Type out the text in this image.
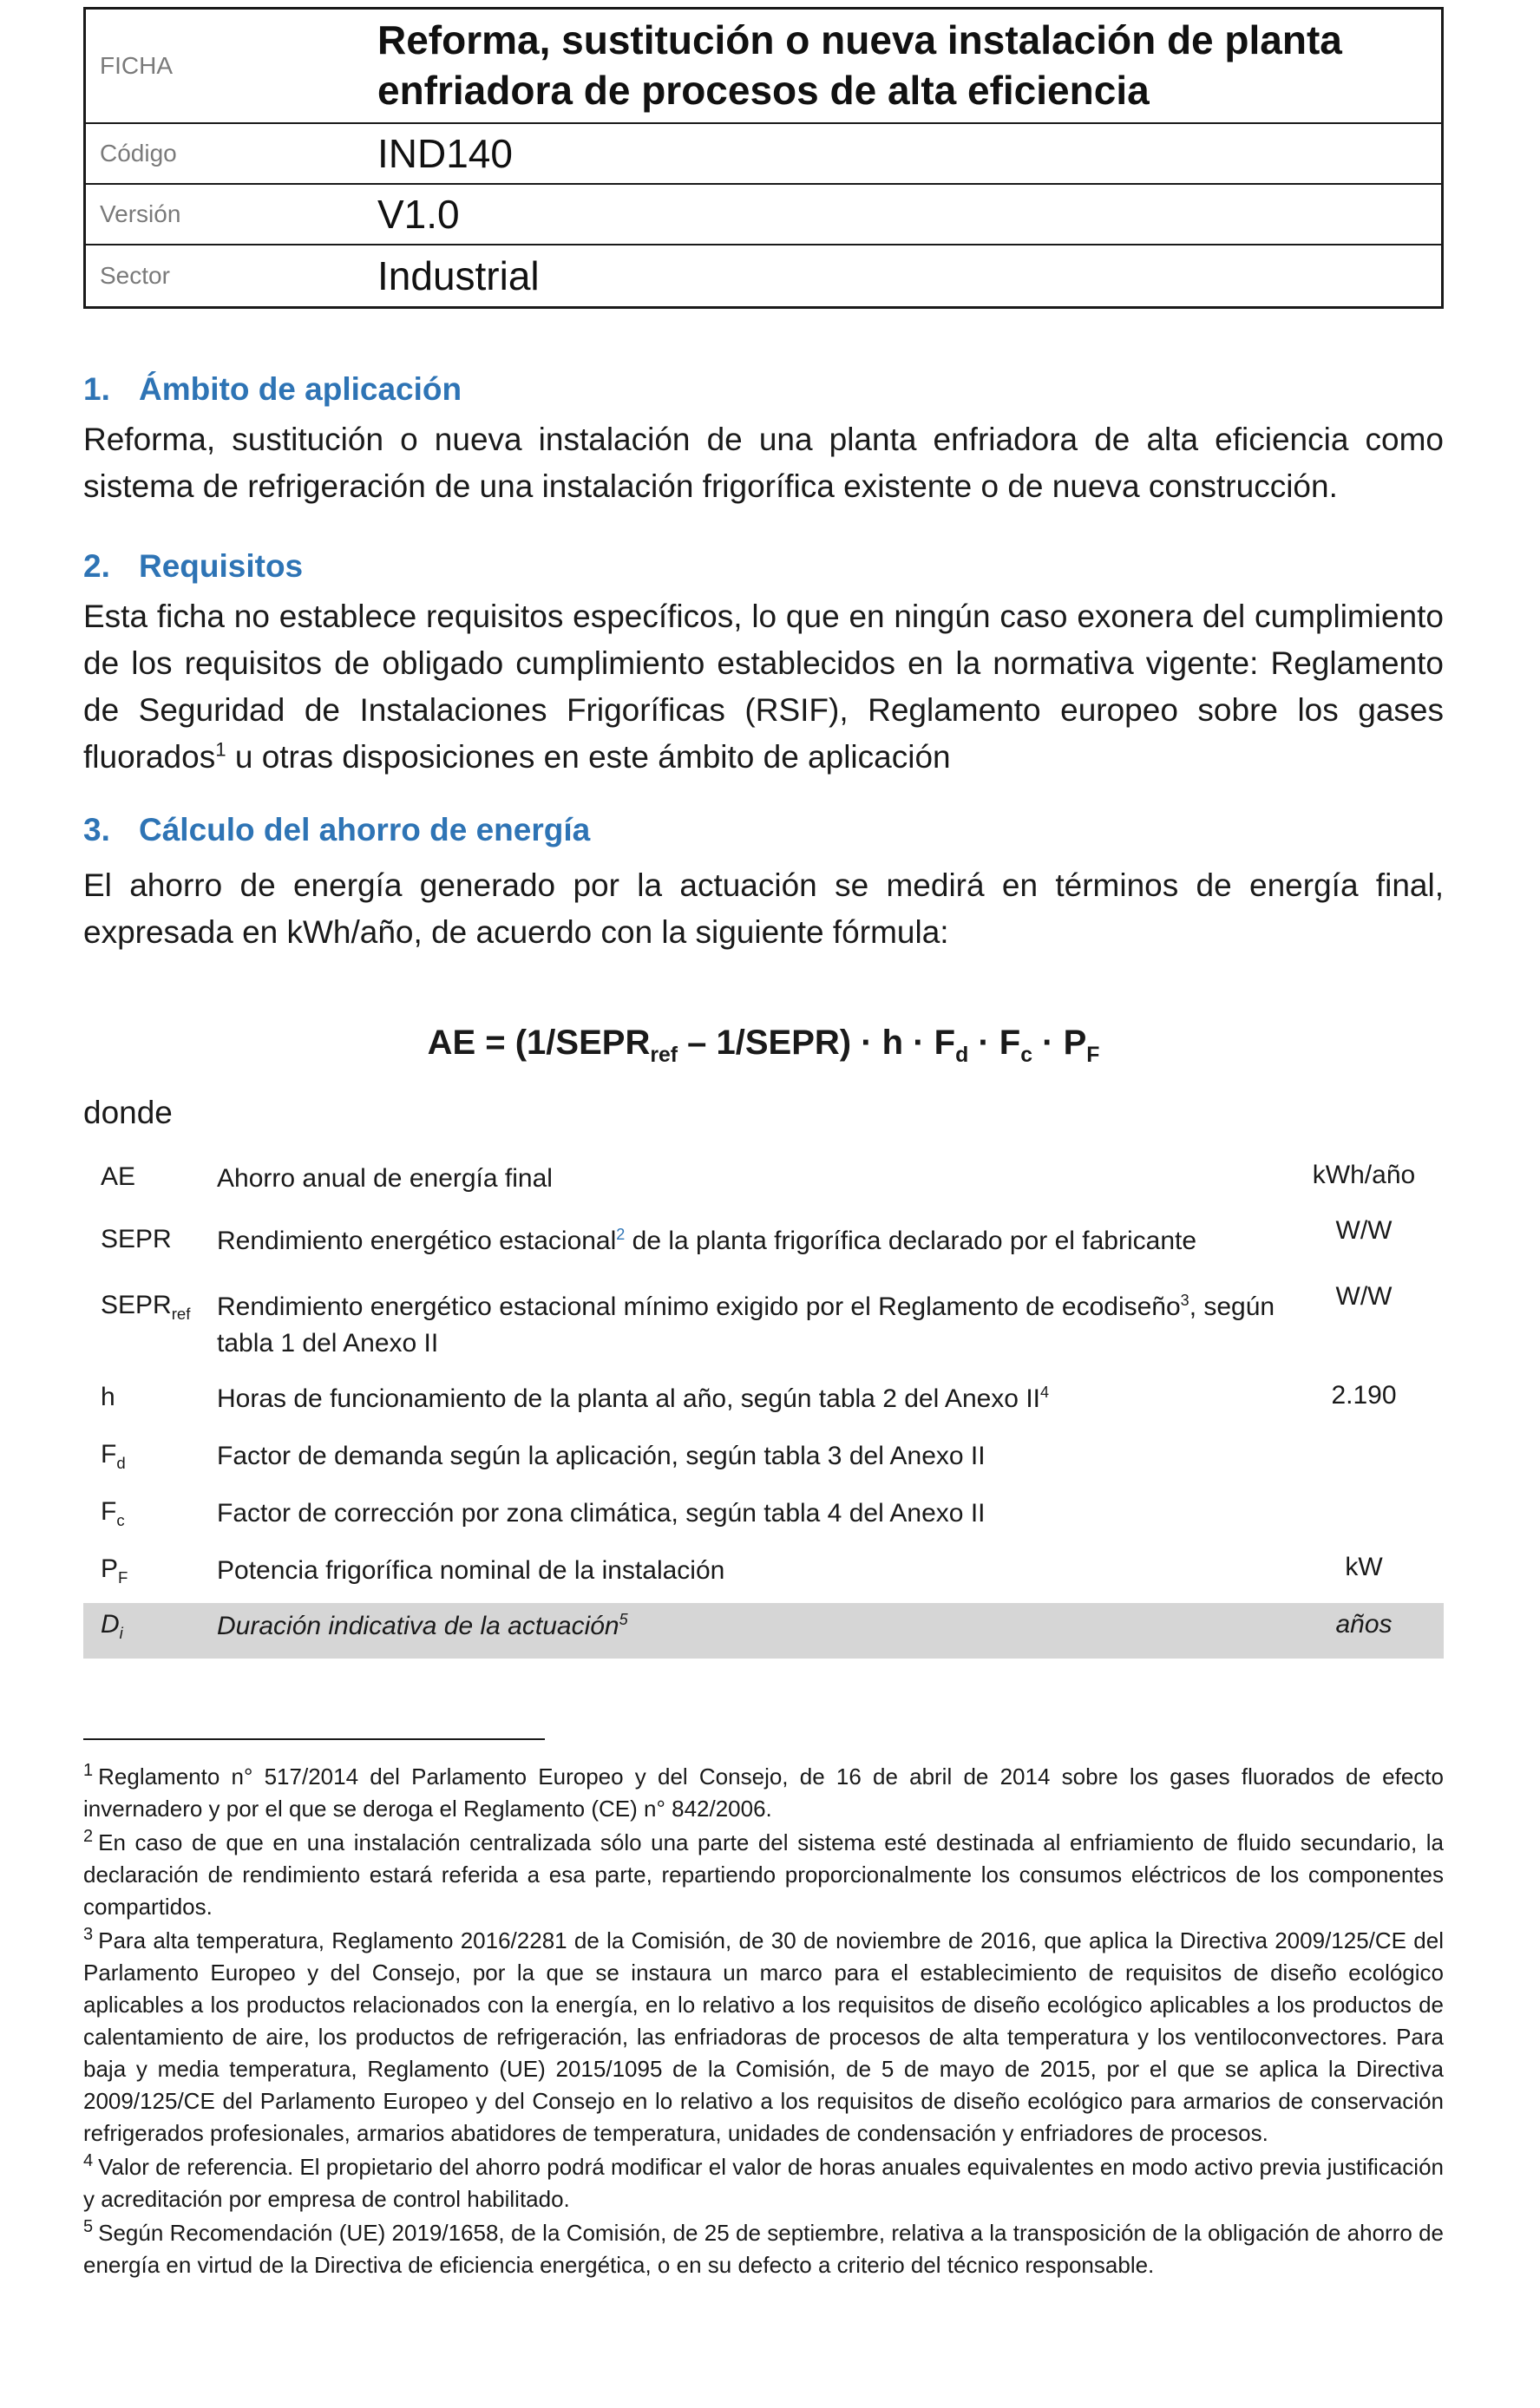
FICHA	Reforma, sustitución o nueva instalación de planta enfriadora de procesos de alta eficiencia
Código	IND140
Versión	V1.0
Sector	Industrial
1. Ámbito de aplicación
Reforma, sustitución o nueva instalación de una planta enfriadora de alta eficiencia como sistema de refrigeración de una instalación frigorífica existente o de nueva construcción.
2. Requisitos
Esta ficha no establece requisitos específicos, lo que en ningún caso exonera del cumplimiento de los requisitos de obligado cumplimiento establecidos en la normativa vigente: Reglamento de Seguridad de Instalaciones Frigoríficas (RSIF), Reglamento europeo sobre los gases fluorados$^1$ u otras disposiciones en este ámbito de aplicación
3. Cálculo del ahorro de energía
El ahorro de energía generado por la actuación se medirá en términos de energía final, expresada en kWh/año, de acuerdo con la siguiente fórmula:
AE = ($1/SEPR_{ref}$ – 1/SEPR) · $h \cdot F_d \cdot F_c \cdot P_F$
donde
AE	Ahorro anual de energía final	kWh/año
SEPR	Rendimiento energético estacional$^2$ de la planta frigorífica declarado por el fabricante	W/W
$SEPR_{ref}$	Rendimiento energético estacional mínimo exigido por el Reglamento de ecodiseño$^3$, según tabla 1 del Anexo II	W/W
h	Horas de funcionamiento de la planta al año, según tabla 2 del Anexo $II^4$	2.190
$F_d$	Factor de demanda según la aplicación, según tabla 3 del Anexo II	
$F_c$	Factor de corrección por zona climática, según tabla 4 del Anexo II	
$P_F$	Potencia frigorífica nominal de la instalación	kW
$D_i$	Duración indicativa de la actuación$^5$	años

$^1$ Reglamento n° 517/2014 del Parlamento Europeo y del Consejo, de 16 de abril de 2014 sobre los gases fluorados de efecto invernadero y por el que se deroga el Reglamento (CE) n° 842/2006.

$^2$ En caso de que en una instalación centralizada sólo una parte del sistema esté destinada al enfriamiento de fluido secundario, la declaración de rendimiento estará referida a esa parte, repartiendo proporcionalmente los consumos eléctricos de los componentes compartidos.

$^3$ Para alta temperatura, Reglamento 2016/2281 de la Comisión, de 30 de noviembre de 2016, que aplica la Directiva 2009/125/CE del Parlamento Europeo y del Consejo, por la que se instaura un marco para el establecimiento de requisitos de diseño ecológico aplicables a los productos relacionados con la energía, en lo relativo a los requisitos de diseño ecológico aplicables a los productos de calentamiento de aire, los productos de refrigeración, las enfriadoras de procesos de alta temperatura y los ventiloconvectores. Para baja y media temperatura, Reglamento (UE) 2015/1095 de la Comisión, de 5 de mayo de 2015, por el que se aplica la Directiva 2009/125/CE del Parlamento Europeo y del Consejo en lo relativo a los requisitos de diseño ecológico para armarios de conservación refrigerados profesionales, armarios abatidores de temperatura, unidades de condensación y enfriadores de procesos.

$^4$ Valor de referencia. El propietario del ahorro podrá modificar el valor de horas anuales equivalentes en modo activo previa justificación y acreditación por empresa de control habilitado.

$^5$ Según Recomendación (UE) 2019/1658, de la Comisión, de 25 de septiembre, relativa a la transposición de la obligación de ahorro de energía en virtud de la Directiva de eficiencia energética, o en su defecto a criterio del técnico responsable.
